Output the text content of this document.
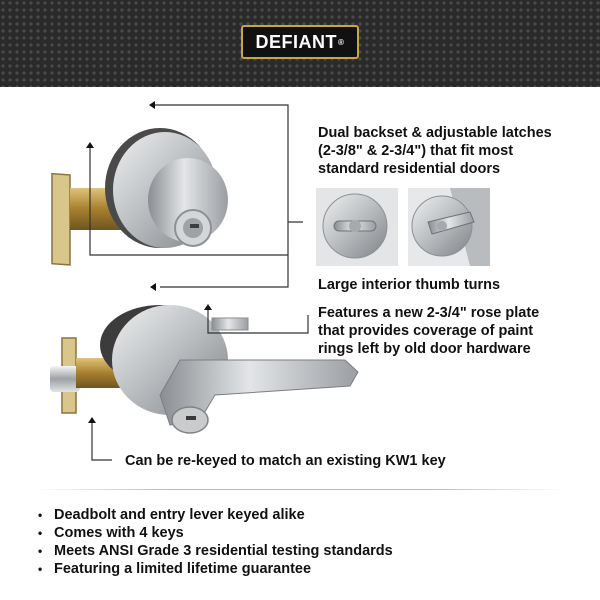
DEFIANT ®

Dual backset & adjustable latches
(2-3/8" & 2-3/4") that fit most
standard residential doors

Large interior thumb turns

Features a new 2-3/4" rose plate
that provides coverage of paint
rings left by old door hardware

Can be re-keyed to match an existing KW1 key

• Deadbolt and entry lever keyed alike
• Comes with 4 keys
• Meets ANSI Grade 3 residential testing standards
• Featuring a limited lifetime guarantee
